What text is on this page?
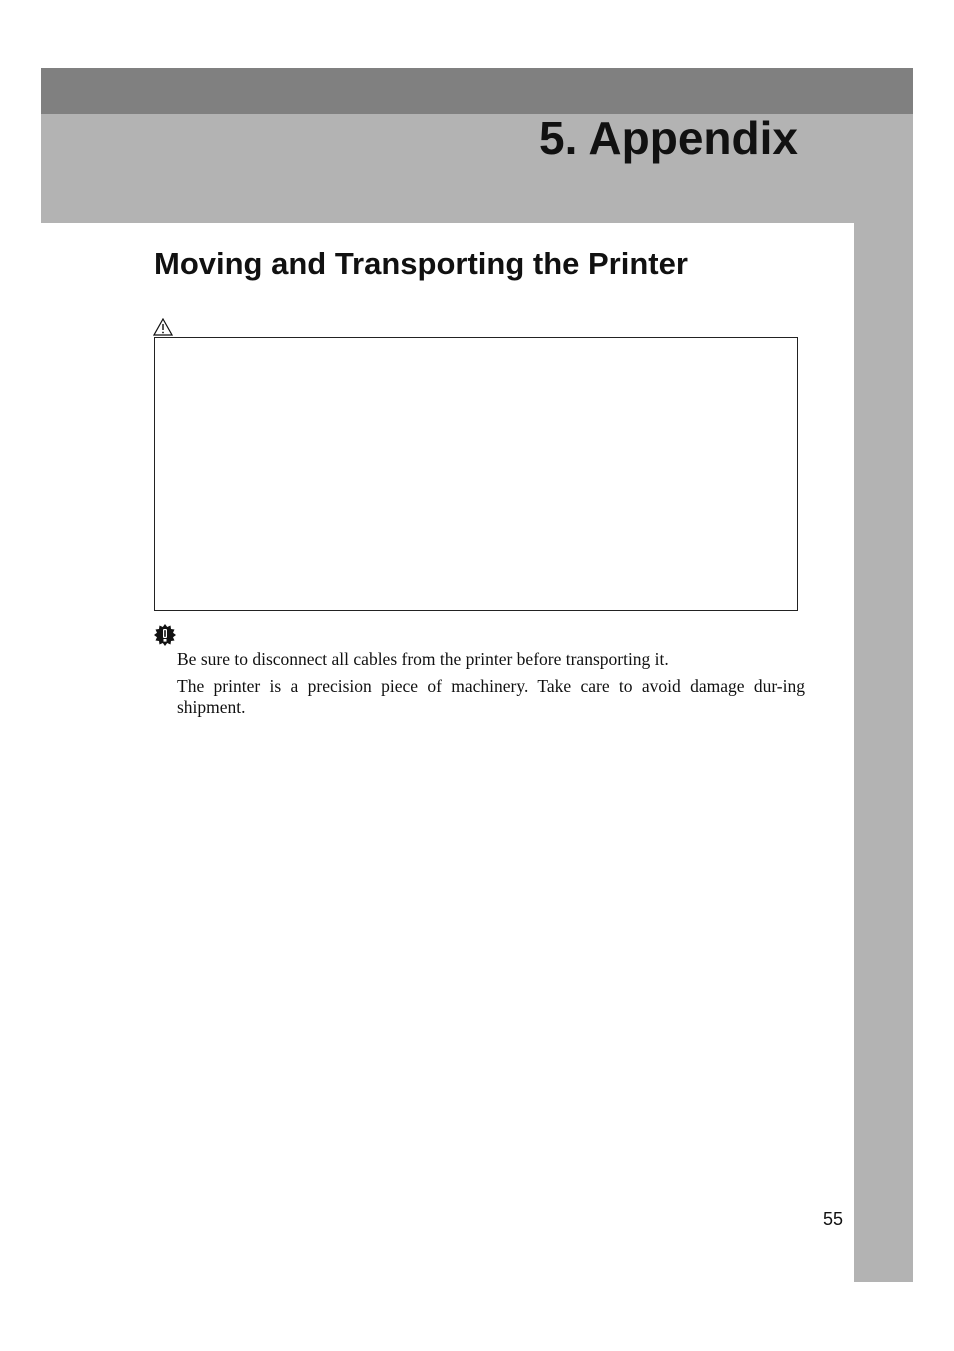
5. Appendix
Moving and Transporting the Printer

Be sure to disconnect all cables from the printer before transporting it.

The printer is a precision piece of machinery. Take care to avoid damage dur-ing shipment.

55
